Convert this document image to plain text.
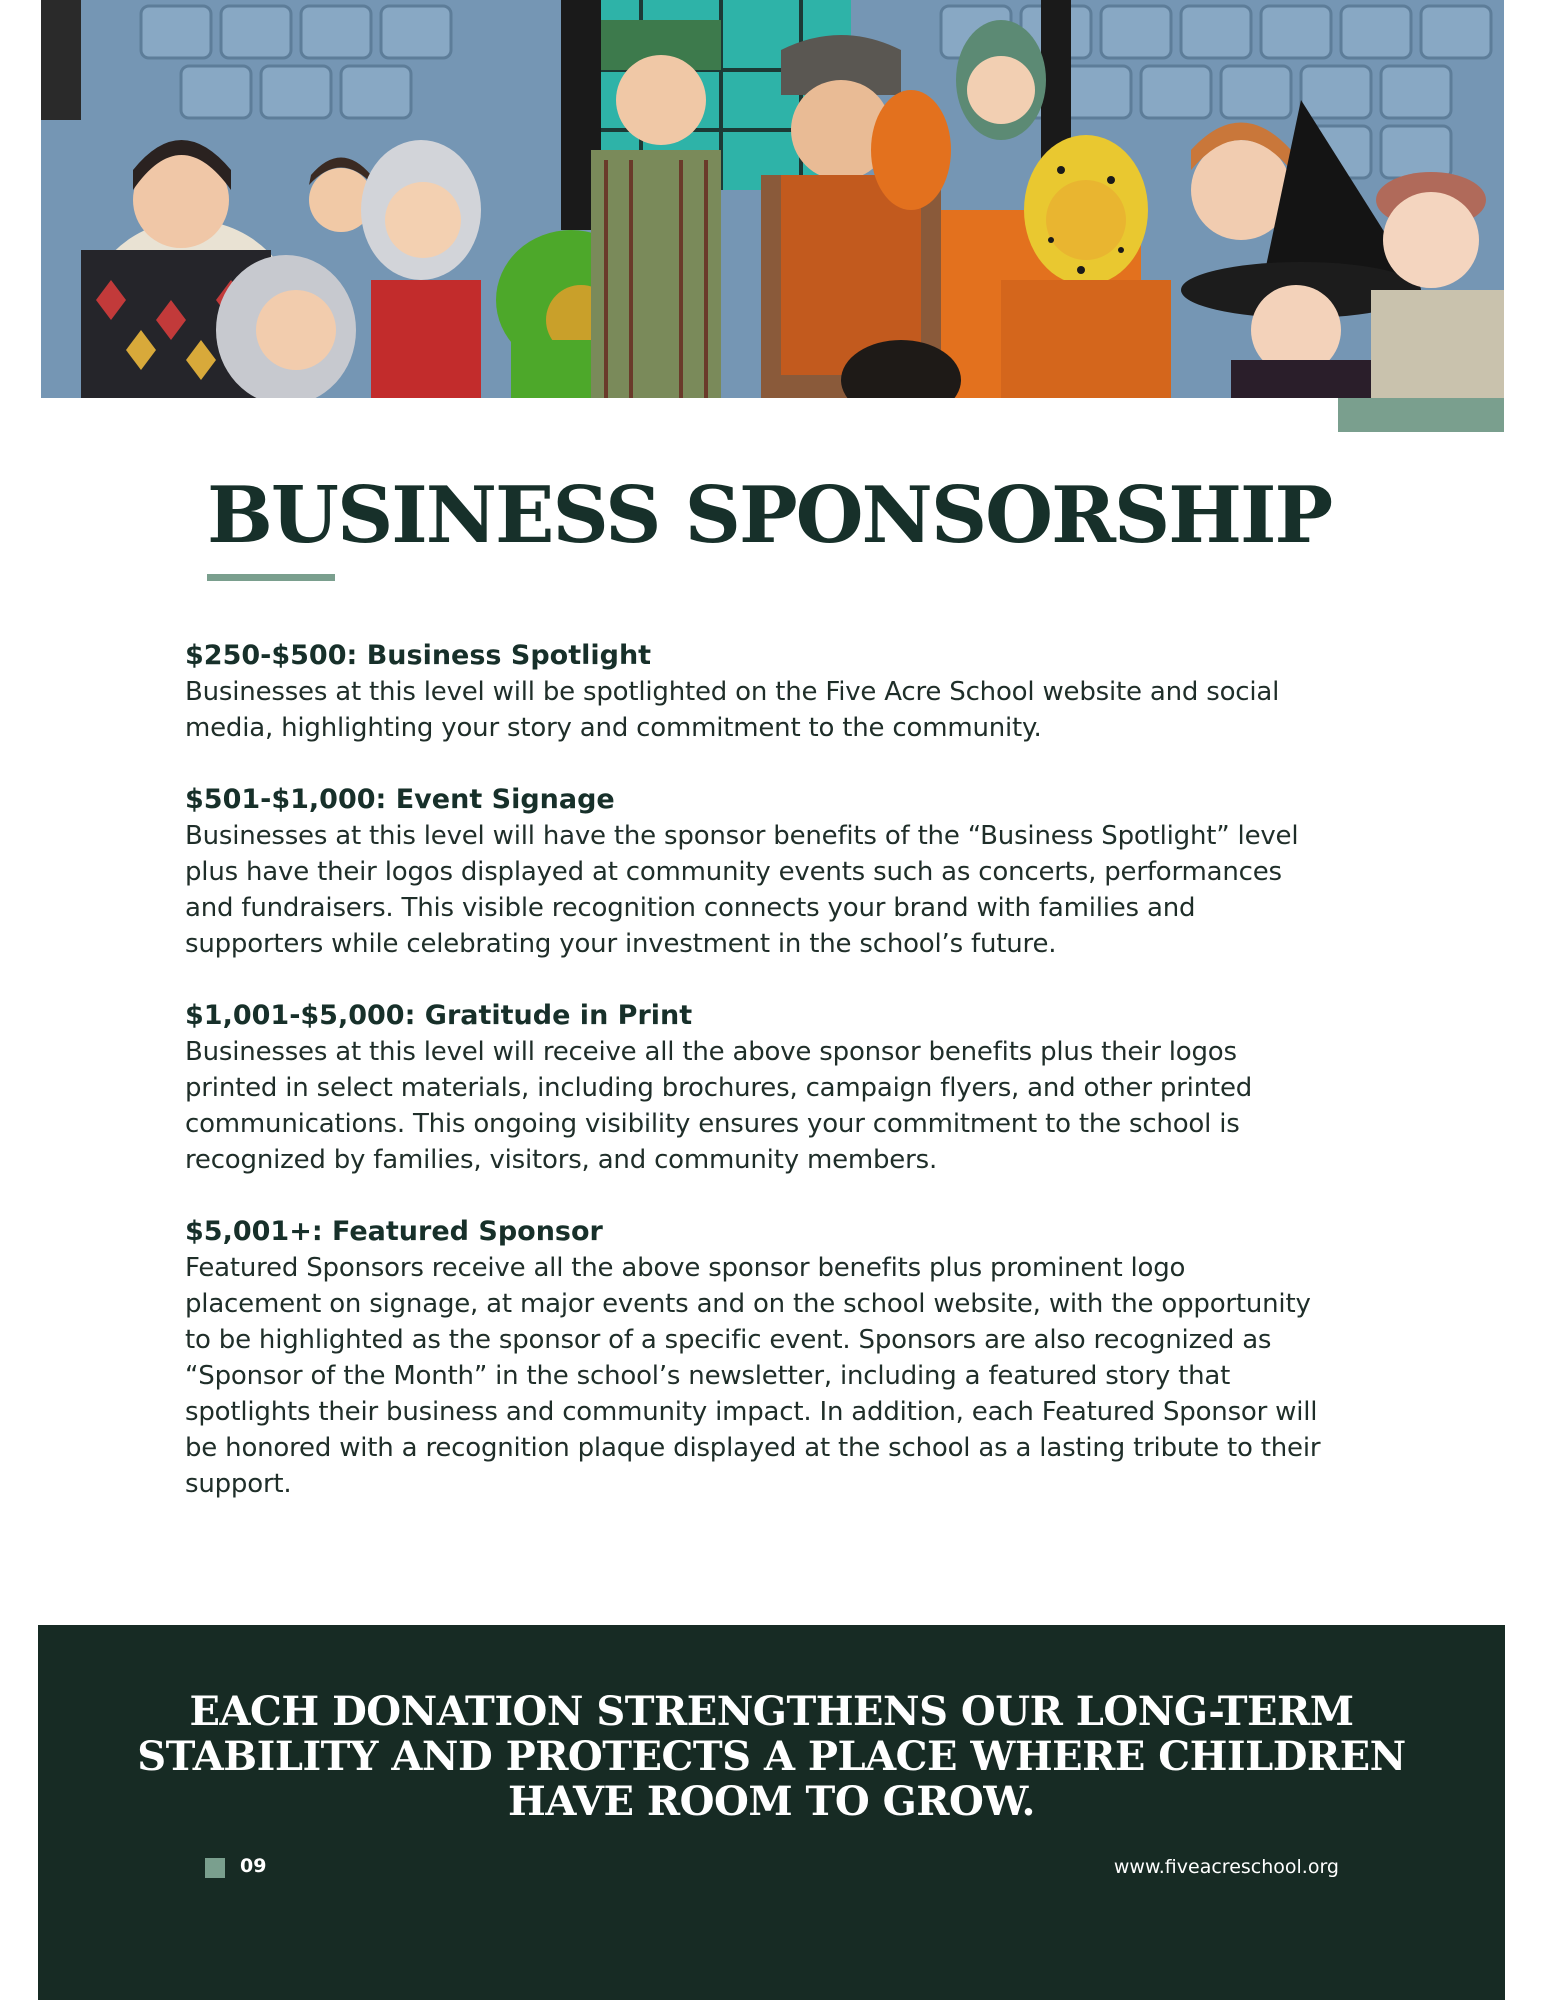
BUSINESS SPONSORSHIP

$250-$500: Business Spotlight

Businesses at this level will be spotlighted on the Five Acre School website and social media, highlighting your story and commitment to the community.

$501-$1,000: Event Signage

Businesses at this level will have the sponsor benefits of the “Business Spotlight” level plus have their logos displayed at community events such as concerts, performances and fundraisers. This visible recognition connects your brand with families and supporters while celebrating your investment in the school’s future.

$1,001-$5,000: Gratitude in Print

Businesses at this level will receive all the above sponsor benefits plus their logos printed in select materials, including brochures, campaign flyers, and other printed communications. This ongoing visibility ensures your commitment to the school is recognized by families, visitors, and community members.

$5,001+: Featured Sponsor

Featured Sponsors receive all the above sponsor benefits plus prominent logo placement on signage, at major events and on the school website, with the opportunity to be highlighted as the sponsor of a specific event. Sponsors are also recognized as “Sponsor of the Month” in the school’s newsletter, including a featured story that spotlights their business and community impact. In addition, each Featured Sponsor will be honored with a recognition plaque displayed at the school as a lasting tribute to their support.

EACH DONATION STRENGTHENS OUR LONG-TERM STABILITY AND PROTECTS A PLACE WHERE CHILDREN HAVE ROOM TO GROW.

09	www.fiveacreschool.org
